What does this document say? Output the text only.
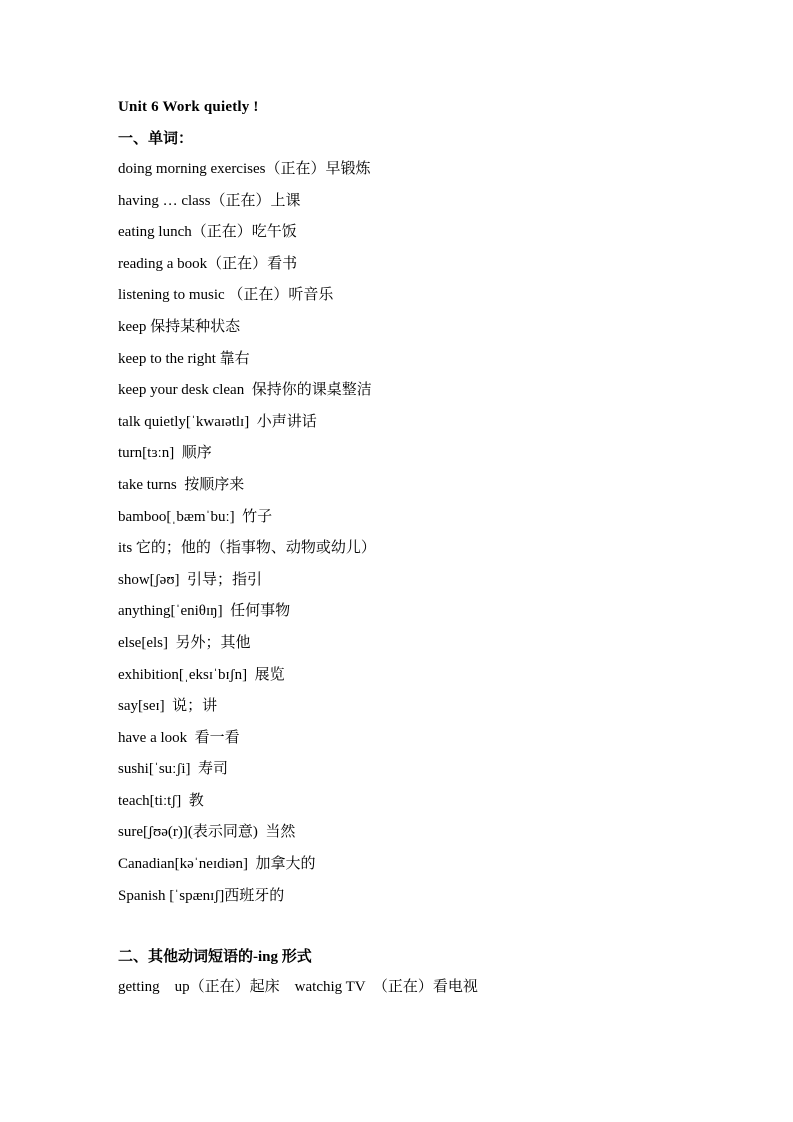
Unit 6 Work quietly !
一、单词：
doing morning exercises（正在）早锻炼
having … class（正在）上课
eating lunch（正在）吃午饭
reading a book（正在）看书
listening to music （正在）听音乐
keep 保持某种状态
keep to the right 靠右
keep your desk clean  保持你的课桌整洁
talk quietly[ˈkwaɪətlɪ]  小声讲话
turn[tɜːn]  顺序
take turns  按顺序来
bamboo[ˌbæmˈbuː]  竹子
its 它的；他的（指事物、动物或幼儿）
show[ʃəʊ]  引导；指引
anything[ˈeniθɪŋ]  任何事物
else[els]  另外；其他
exhibition[ˌeksɪˈbɪʃn]  展览
say[seɪ]  说；讲
have a look  看一看
sushi[ˈsuːʃi]  寿司
teach[tiːtʃ]  教
sure[ʃʊə(r)](表示同意)  当然
Canadian[kəˈneɪdiən]  加拿大的
Spanish [ˈspænɪʃ]西班牙的
二、其他动词短语的-ing 形式
getting    up（正在）起床    watchig TV  （正在）看电视
